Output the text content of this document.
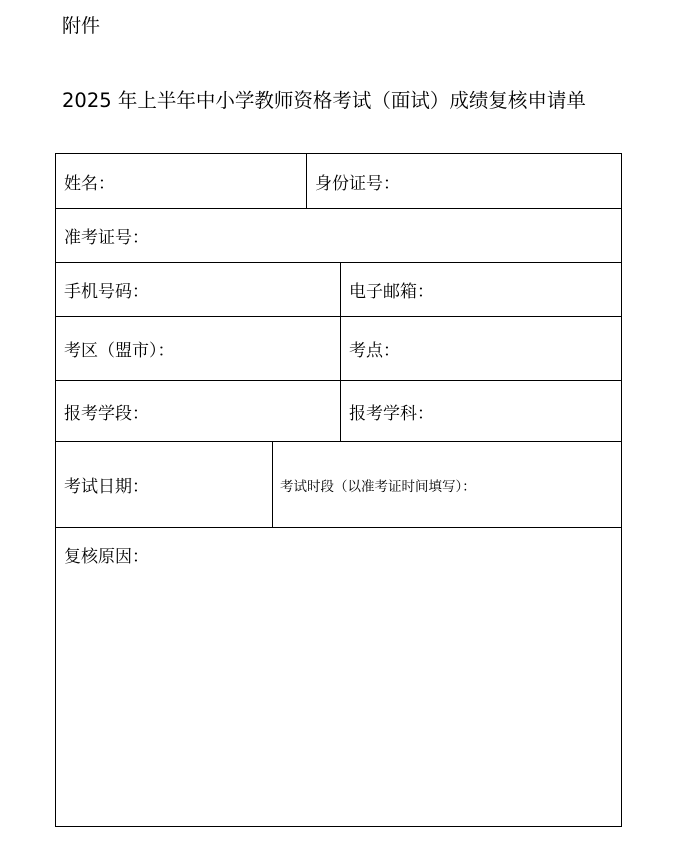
附件
2025 年上半年中小学教师资格考试（面试）成绩复核申请单
姓名：	身份证号：
准考证号：
手机号码：	电子邮箱：
考区（盟市）：	考点：
报考学段：	报考学科：
考试日期：	考试时段（以准考证时间填写）：
复核原因：
